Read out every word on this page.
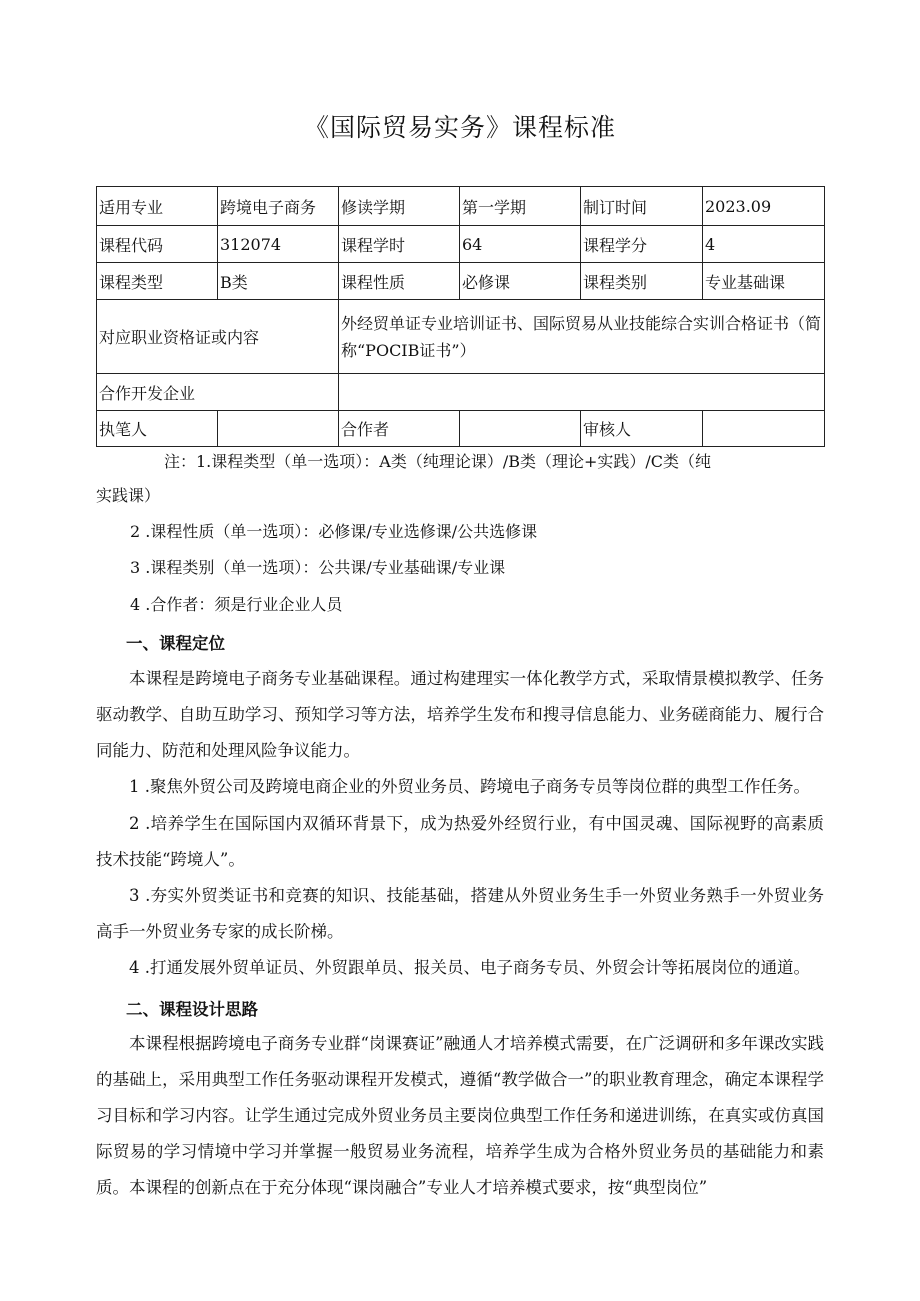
《国际贸易实务》课程标准
适用专业	跨境电子商务	修读学期	第一学期	制订时间	2023.09
课程代码	312074	课程学时	64	课程学分	4
课程类型	B类	课程性质	必修课	课程类别	专业基础课
对应职业资格证或内容		外经贸单证专业培训证书、国际贸易从业技能综合实训合格证书（简称“POCIB证书”）			
合作开发企业					
执笔人		合作者		审核人	
注：1.课程类型（单一选项）：A类（纯理论课）/B类（理论+实践）/C类（纯
实践课）
2 .课程性质（单一选项）：必修课/专业选修课/公共选修课
3 .课程类别（单一选项）：公共课/专业基础课/专业课
4 .合作者：须是行业企业人员
一、课程定位
本课程是跨境电子商务专业基础课程。通过构建理实一体化教学方式，采取情景模拟教学、任务驱动教学、自助互助学习、预知学习等方法，培养学生发布和搜寻信息能力、业务磋商能力、履行合同能力、防范和处理风险争议能力。
1 .聚焦外贸公司及跨境电商企业的外贸业务员、跨境电子商务专员等岗位群的典型工作任务。
2 .培养学生在国际国内双循环背景下，成为热爱外经贸行业，有中国灵魂、国际视野的高素质技术技能“跨境人”。
3 .夯实外贸类证书和竞赛的知识、技能基础，搭建从外贸业务生手一外贸业务熟手一外贸业务高手一外贸业务专家的成长阶梯。
4 .打通发展外贸单证员、外贸跟单员、报关员、电子商务专员、外贸会计等拓展岗位的通道。
二、课程设计思路
本课程根据跨境电子商务专业群“岗课赛证”融通人才培养模式需要，在广泛调研和多年课改实践的基础上，采用典型工作任务驱动课程开发模式，遵循“教学做合一”的职业教育理念，确定本课程学习目标和学习内容。让学生通过完成外贸业务员主要岗位典型工作任务和递进训练，在真实或仿真国际贸易的学习情境中学习并掌握一般贸易业务流程，培养学生成为合格外贸业务员的基础能力和素质。本课程的创新点在于充分体现“课岗融合”专业人才培养模式要求，按“典型岗位”
